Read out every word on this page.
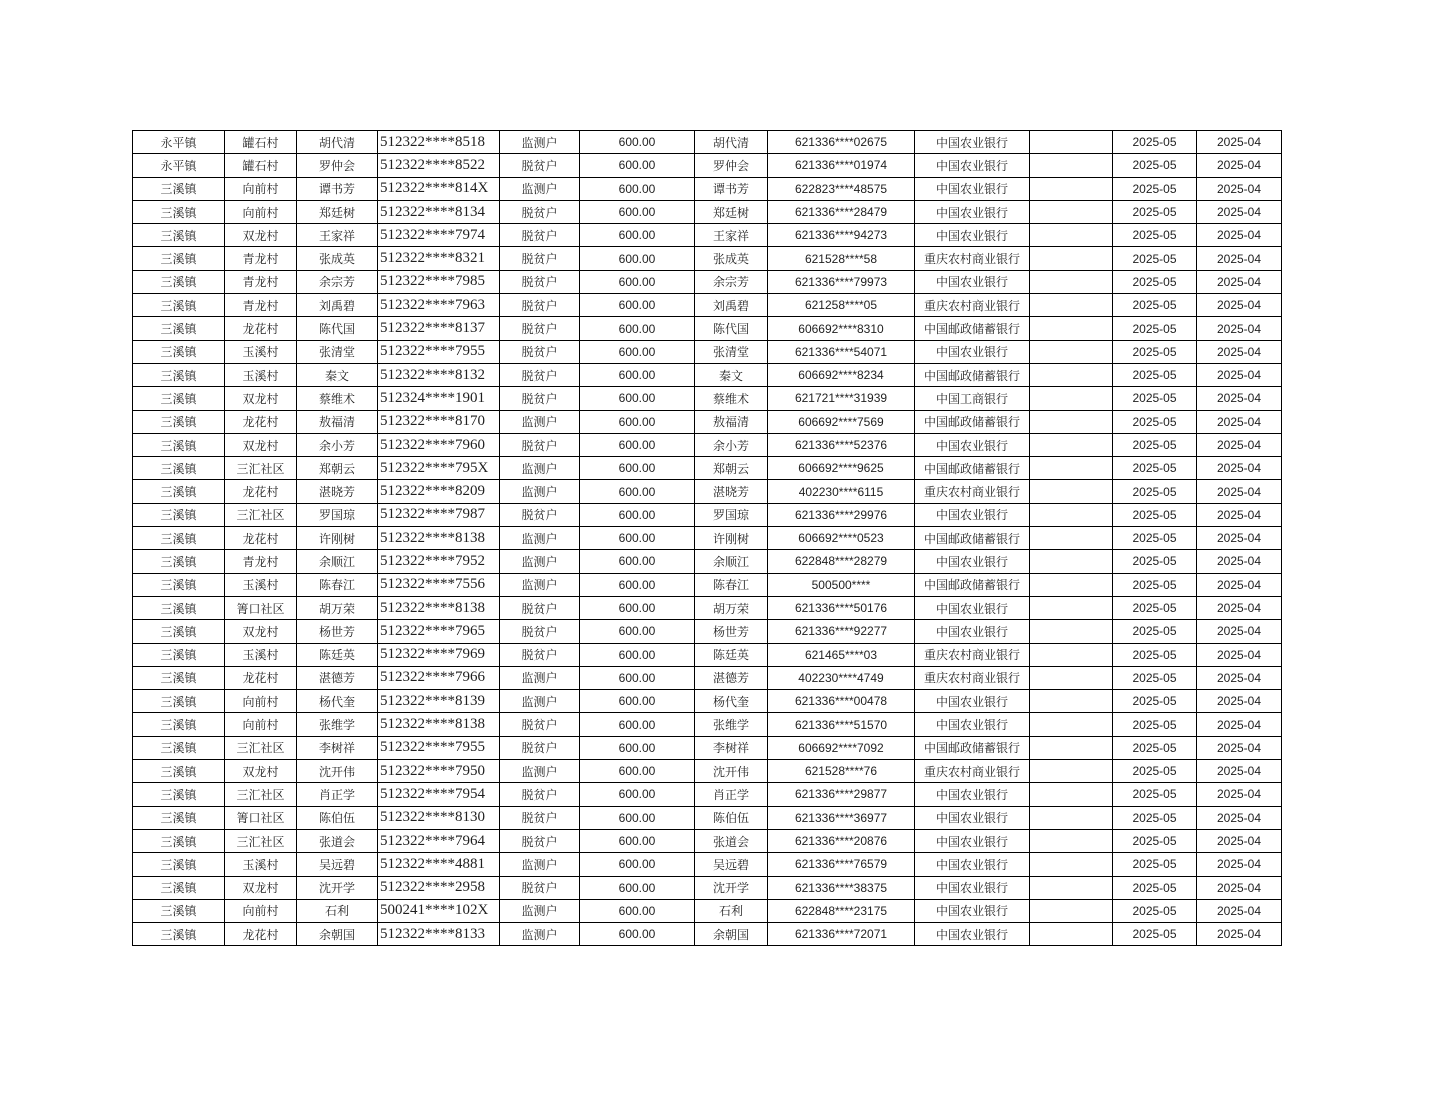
永平镇	罐石村	胡代清	512322****8518	监测户	600.00	胡代清	621336****02675	中国农业银行		2025-05	2025-04
永平镇	罐石村	罗仲会	512322****8522	脱贫户	600.00	罗仲会	621336****01974	中国农业银行		2025-05	2025-04
三溪镇	向前村	谭书芳	512322****814X	监测户	600.00	谭书芳	622823****48575	中国农业银行		2025-05	2025-04
三溪镇	向前村	郑廷树	512322****8134	脱贫户	600.00	郑廷树	621336****28479	中国农业银行		2025-05	2025-04
三溪镇	双龙村	王家祥	512322****7974	脱贫户	600.00	王家祥	621336****94273	中国农业银行		2025-05	2025-04
三溪镇	青龙村	张成英	512322****8321	脱贫户	600.00	张成英	621528****58	重庆农村商业银行		2025-05	2025-04
三溪镇	青龙村	余宗芳	512322****7985	脱贫户	600.00	余宗芳	621336****79973	中国农业银行		2025-05	2025-04
三溪镇	青龙村	刘禹碧	512322****7963	脱贫户	600.00	刘禹碧	621258****05	重庆农村商业银行		2025-05	2025-04
三溪镇	龙花村	陈代国	512322****8137	脱贫户	600.00	陈代国	606692****8310	中国邮政储蓄银行		2025-05	2025-04
三溪镇	玉溪村	张清堂	512322****7955	脱贫户	600.00	张清堂	621336****54071	中国农业银行		2025-05	2025-04
三溪镇	玉溪村	秦文	512322****8132	脱贫户	600.00	秦文	606692****8234	中国邮政储蓄银行		2025-05	2025-04
三溪镇	双龙村	蔡维术	512324****1901	脱贫户	600.00	蔡维术	621721****31939	中国工商银行		2025-05	2025-04
三溪镇	龙花村	敖福清	512322****8170	监测户	600.00	敖福清	606692****7569	中国邮政储蓄银行		2025-05	2025-04
三溪镇	双龙村	余小芳	512322****7960	脱贫户	600.00	余小芳	621336****52376	中国农业银行		2025-05	2025-04
三溪镇	三汇社区	郑朝云	512322****795X	监测户	600.00	郑朝云	606692****9625	中国邮政储蓄银行		2025-05	2025-04
三溪镇	龙花村	湛晓芳	512322****8209	监测户	600.00	湛晓芳	402230****6115	重庆农村商业银行		2025-05	2025-04
三溪镇	三汇社区	罗国琼	512322****7987	脱贫户	600.00	罗国琼	621336****29976	中国农业银行		2025-05	2025-04
三溪镇	龙花村	许刚树	512322****8138	监测户	600.00	许刚树	606692****0523	中国邮政储蓄银行		2025-05	2025-04
三溪镇	青龙村	余顺江	512322****7952	监测户	600.00	余顺江	622848****28279	中国农业银行		2025-05	2025-04
三溪镇	玉溪村	陈春江	512322****7556	监测户	600.00	陈春江	500500****	中国邮政储蓄银行		2025-05	2025-04
三溪镇	箐口社区	胡万荣	512322****8138	脱贫户	600.00	胡万荣	621336****50176	中国农业银行		2025-05	2025-04
三溪镇	双龙村	杨世芳	512322****7965	脱贫户	600.00	杨世芳	621336****92277	中国农业银行		2025-05	2025-04
三溪镇	玉溪村	陈廷英	512322****7969	脱贫户	600.00	陈廷英	621465****03	重庆农村商业银行		2025-05	2025-04
三溪镇	龙花村	湛德芳	512322****7966	监测户	600.00	湛德芳	402230****4749	重庆农村商业银行		2025-05	2025-04
三溪镇	向前村	杨代奎	512322****8139	监测户	600.00	杨代奎	621336****00478	中国农业银行		2025-05	2025-04
三溪镇	向前村	张维学	512322****8138	脱贫户	600.00	张维学	621336****51570	中国农业银行		2025-05	2025-04
三溪镇	三汇社区	李树祥	512322****7955	脱贫户	600.00	李树祥	606692****7092	中国邮政储蓄银行		2025-05	2025-04
三溪镇	双龙村	沈开伟	512322****7950	监测户	600.00	沈开伟	621528****76	重庆农村商业银行		2025-05	2025-04
三溪镇	三汇社区	肖正学	512322****7954	脱贫户	600.00	肖正学	621336****29877	中国农业银行		2025-05	2025-04
三溪镇	箐口社区	陈伯伍	512322****8130	脱贫户	600.00	陈伯伍	621336****36977	中国农业银行		2025-05	2025-04
三溪镇	三汇社区	张道会	512322****7964	脱贫户	600.00	张道会	621336****20876	中国农业银行		2025-05	2025-04
三溪镇	玉溪村	吴远碧	512322****4881	监测户	600.00	吴远碧	621336****76579	中国农业银行		2025-05	2025-04
三溪镇	双龙村	沈开学	512322****2958	脱贫户	600.00	沈开学	621336****38375	中国农业银行		2025-05	2025-04
三溪镇	向前村	石利	500241****102X	监测户	600.00	石利	622848****23175	中国农业银行		2025-05	2025-04
三溪镇	龙花村	余朝国	512322****8133	监测户	600.00	余朝国	621336****72071	中国农业银行		2025-05	2025-04
